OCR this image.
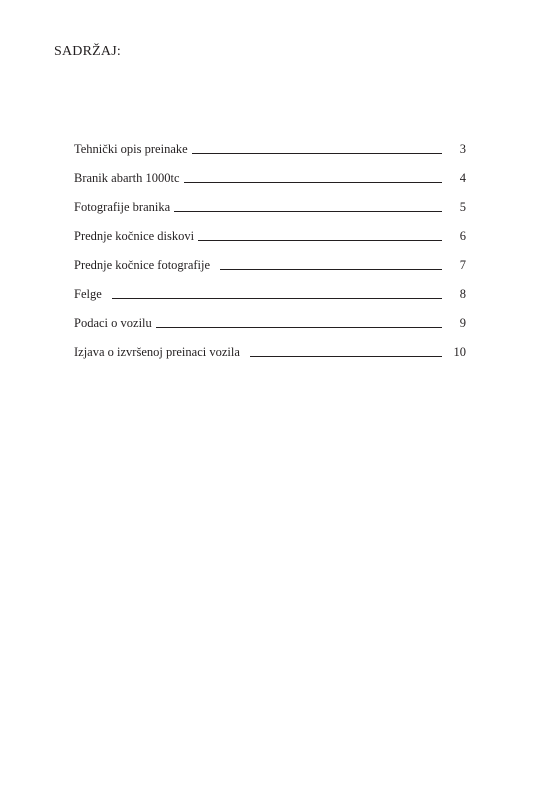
SADRŽAJ:
Tehnički opis preinake	3
Branik abarth 1000tc	4
Fotografije branika	5
Prednje kočnice diskovi	6
Prednje kočnice fotografije	7
Felge	8
Podaci o vozilu	9
Izjava o izvršenoj preinaci vozila	10
